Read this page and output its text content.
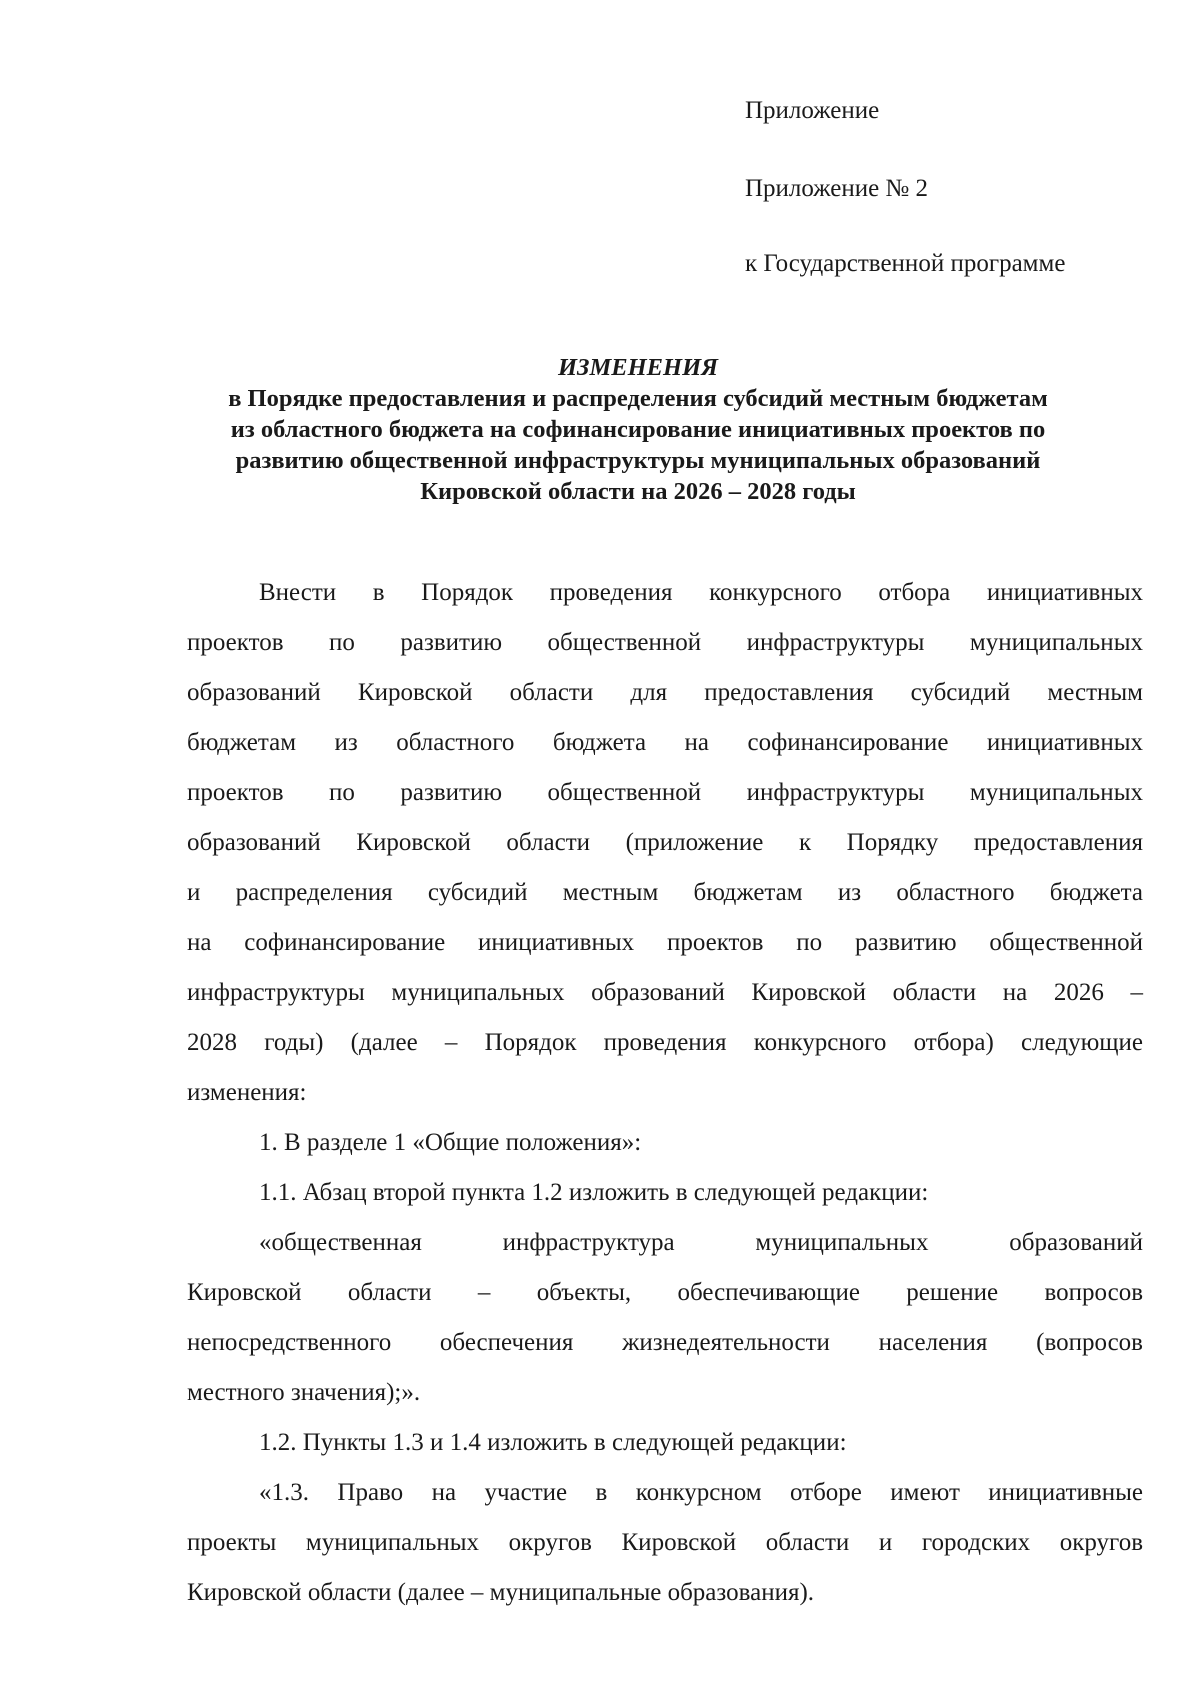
Приложение
Приложение № 2
к Государственной программе
ИЗМЕНЕНИЯ
в Порядке предоставления и распределения субсидий местным бюджетам
из областного бюджета на софинансирование инициативных проектов по
развитию общественной инфраструктуры муниципальных образований
Кировской области на 2026 – 2028 годы
Внести в Порядок проведения конкурсного отбора инициативных
проектов по развитию общественной инфраструктуры муниципальных
образований Кировской области для предоставления субсидий местным
бюджетам из областного бюджета на софинансирование инициативных
проектов по развитию общественной инфраструктуры муниципальных
образований Кировской области (приложение к Порядку предоставления
и распределения субсидий местным бюджетам из областного бюджета
на софинансирование инициативных проектов по развитию общественной
инфраструктуры муниципальных образований Кировской области на 2026 –
2028 годы) (далее – Порядок проведения конкурсного отбора) следующие
изменения:
1. В разделе 1 «Общие положения»:
1.1. Абзац второй пункта 1.2 изложить в следующей редакции:
«общественная инфраструктура муниципальных образований
Кировской области – объекты, обеспечивающие решение вопросов
непосредственного обеспечения жизнедеятельности населения (вопросов
местного значения);».
1.2. Пункты 1.3 и 1.4 изложить в следующей редакции:
«1.3. Право на участие в конкурсном отборе имеют инициативные
проекты муниципальных округов Кировской области и городских округов
Кировской области (далее – муниципальные образования).
